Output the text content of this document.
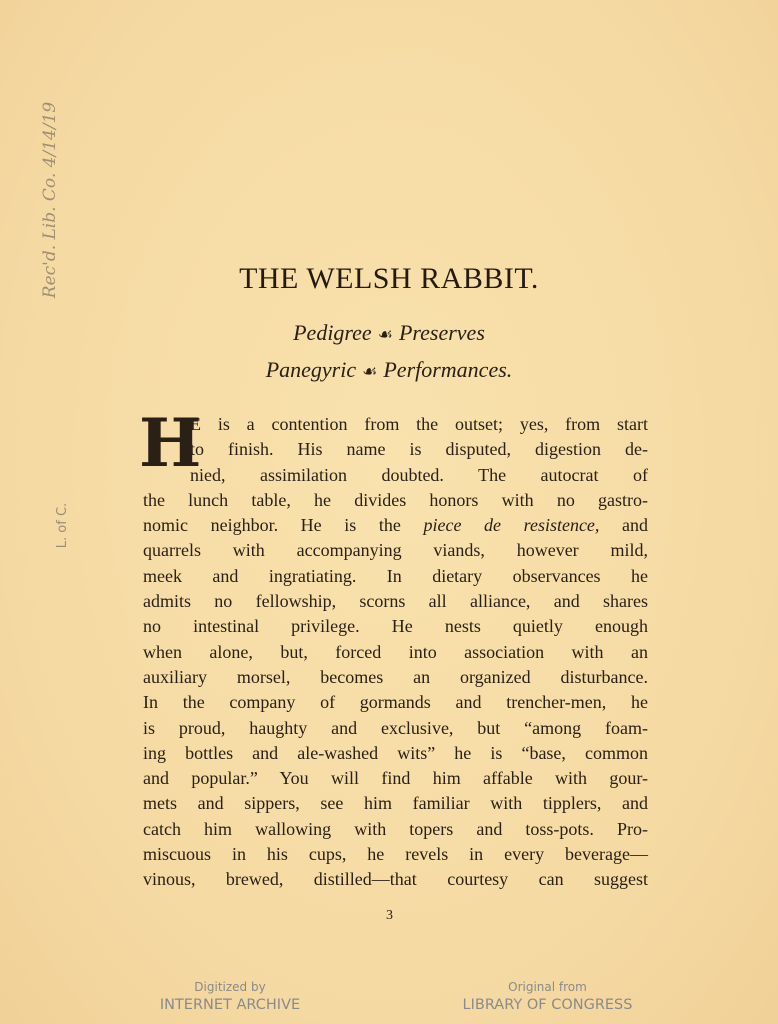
Rec'd. Lib. Co. 4/14/19
L. of C.
THE WELSH RABBIT.
Pedigree ☙ Preserves
Panegyric ☙ Performances.
H
E is a contention from the outset; yes, from start
to finish. His name is disputed, digestion de-
nied, assimilation doubted. The autocrat of
the lunch table, he divides honors with no gastro-
nomic neighbor. He is the piece de resistence, and
quarrels with accompanying viands, however mild,
meek and ingratiating. In dietary observances he
admits no fellowship, scorns all alliance, and shares
no intestinal privilege. He nests quietly enough
when alone, but, forced into association with an
auxiliary morsel, becomes an organized disturbance.
In the company of gormands and trencher-men, he
is proud, haughty and exclusive, but “among foam-
ing bottles and ale-washed wits” he is “base, common
and popular.” You will find him affable with gour-
mets and sippers, see him familiar with tipplers, and
catch him wallowing with topers and toss-pots. Pro-
miscuous in his cups, he revels in every beverage—
vinous, brewed, distilled—that courtesy can suggest
3
Digitized by
INTERNET ARCHIVE
Original from
LIBRARY OF CONGRESS
